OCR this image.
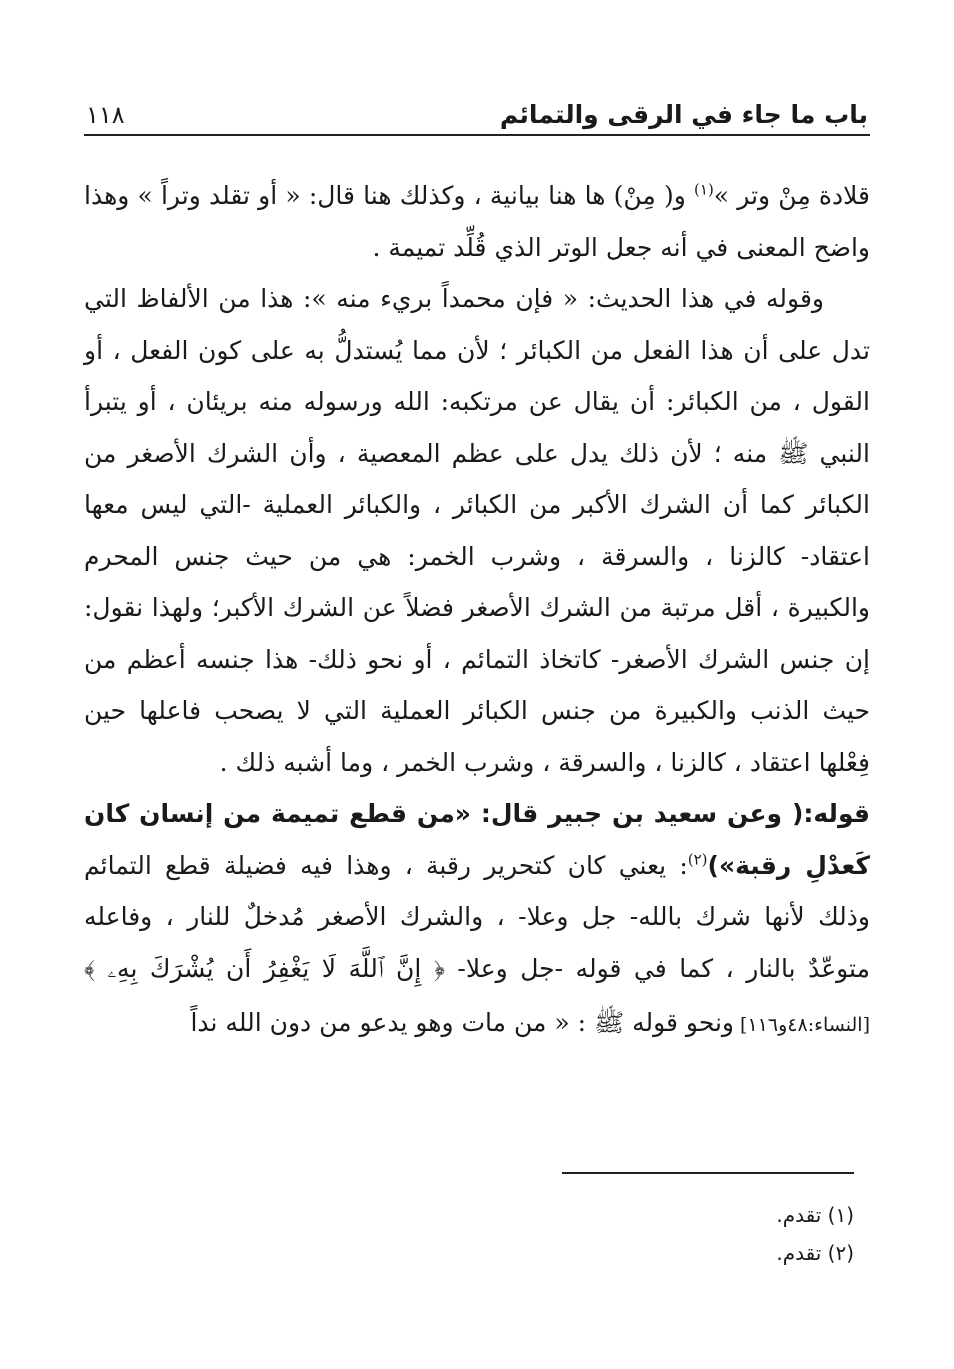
باب ما جاء في الرقى والتمائم
١١٨

قلادة مِنْ وتر »$^{(١)}$ و( مِنْ) ها هنا بيانية ، وكذلك هنا قال: « أو تقلد وتراً » وهذا واضح المعنى في أنه جعل الوتر الذي قُلِّد تميمة .

وقوله في هذا الحديث: « فإن محمداً بريء منه »: هذا من الألفاظ التي تدل على أن هذا الفعل من الكبائر ؛ لأن مما يُستدلُّ به على كون الفعل ، أو القول ، من الكبائر: أن يقال عن مرتكبه: الله ورسوله منه بريئان ، أو يتبرأ النبي ﷺ منه ؛ لأن ذلك يدل على عظم المعصية ، وأن الشرك الأصغر من الكبائر كما أن الشرك الأكبر من الكبائر ، والكبائر العملية -التي ليس معها اعتقاد- كالزنا ، والسرقة ، وشرب الخمر: هي من حيث جنس المحرم والكبيرة ، أقل مرتبة من الشرك الأصغر فضلاً عن الشرك الأكبر؛ ولهذا نقول: إن جنس الشرك الأصغر- كاتخاذ التمائم ، أو نحو ذلك- هذا جنسه أعظم من حيث الذنب والكبيرة من جنس الكبائر العملية التي لا يصحب فاعلها حين فِعْلها اعتقاد ، كالزنا ، والسرقة ، وشرب الخمر ، وما أشبه ذلك .

قوله:( وعن سعيد بن جبير قال: «من قطع تميمة من إنسان كان كَعدْلِ رقبة»)$^{(٢)}$: يعني كان كتحرير رقبة ، وهذا فيه فضيلة قطع التمائم وذلك لأنها شرك بالله- جل وعلا- ، والشرك الأصغر مُدخلٌ للنار ، وفاعله متوعّدٌ بالنار ، كما في قوله -جل وعلا- ﴿ إِنَّ ٱللَّهَ لَا يَغْفِرُ أَن يُشْرَكَ بِهِۦ ﴾ [النساء:٤٨و١١٦] ونحو قوله ﷺ : « من مات وهو يدعو من دون الله نداً

(١) تقدم.
(٢) تقدم.
